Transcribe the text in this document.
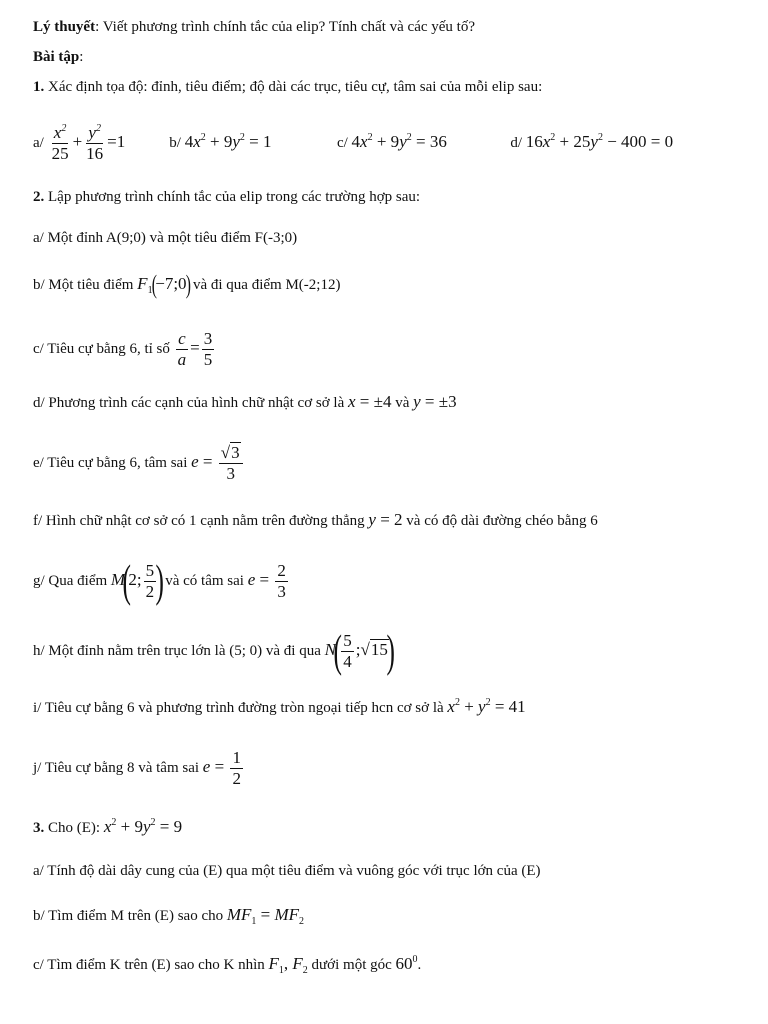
Lý thuyết: Viết phương trình chính tắc của elip? Tính chất và các yếu tố?
Bài tập:
1. Xác định tọa độ: đỉnh, tiêu điểm; độ dài các trục, tiêu cự, tâm sai của mỗi elip sau:
$a/ \frac{x^2}{25} + \frac{y^2}{16} =1$	b/ $4x^2 + 9y^2 = 1$	c/ $4x^2 + 9y^2 = 36$	d/ $16x^2 + 25y^2 - 400 = 0$
2. Lập phương trình chính tắc của elip trong các trường hợp sau:
a/ Một đỉnh A(9;0) và một tiêu điểm F(-3;0)
b/ Một tiêu điểm $F_1(-7;0)$ và đi qua điểm M(-2;12)
c/ Tiêu cự bằng 6, tỉ số $\frac{c}{a} = \frac{3}{5}$
d/ Phương trình các cạnh của hình chữ nhật cơ sở là x = ±4 và y = ±3
e/ Tiêu cự bằng 6, tâm sai $e = \frac{√3}{3}$
f/ Hình chữ nhật cơ sở có 1 cạnh nằm trên đường thẳng y = 2 và có độ dài đường chéo bằng 6
g/ Qua điểm M(2; $\frac{5}{2}$ ) và có tâm sai $e = \frac{2}{3}$
h/ Một đỉnh nằm trên trục lớn là (5; 0) và đi qua $N( \frac{5}{4}$ ;√15)
i/ Tiêu cự bằng 6 và phương trình đường tròn ngoại tiếp hcn cơ sở là $x^2 + y^2 = 41$
j/ Tiêu cự bằng 8 và tâm sai $e = \frac{1}{2}$
3. Cho (E): $x^2 + 9y^2 = 9$
a/ Tính độ dài dây cung của (E) qua một tiêu điểm và vuông góc với trục lớn của (E)
b/ Tìm điểm M trên (E) sao cho $MF_1 = MF_2$
c/ Tìm điểm K trên (E) sao cho K nhìn $F_1$, $F_2$ dưới một góc $60^0$.
